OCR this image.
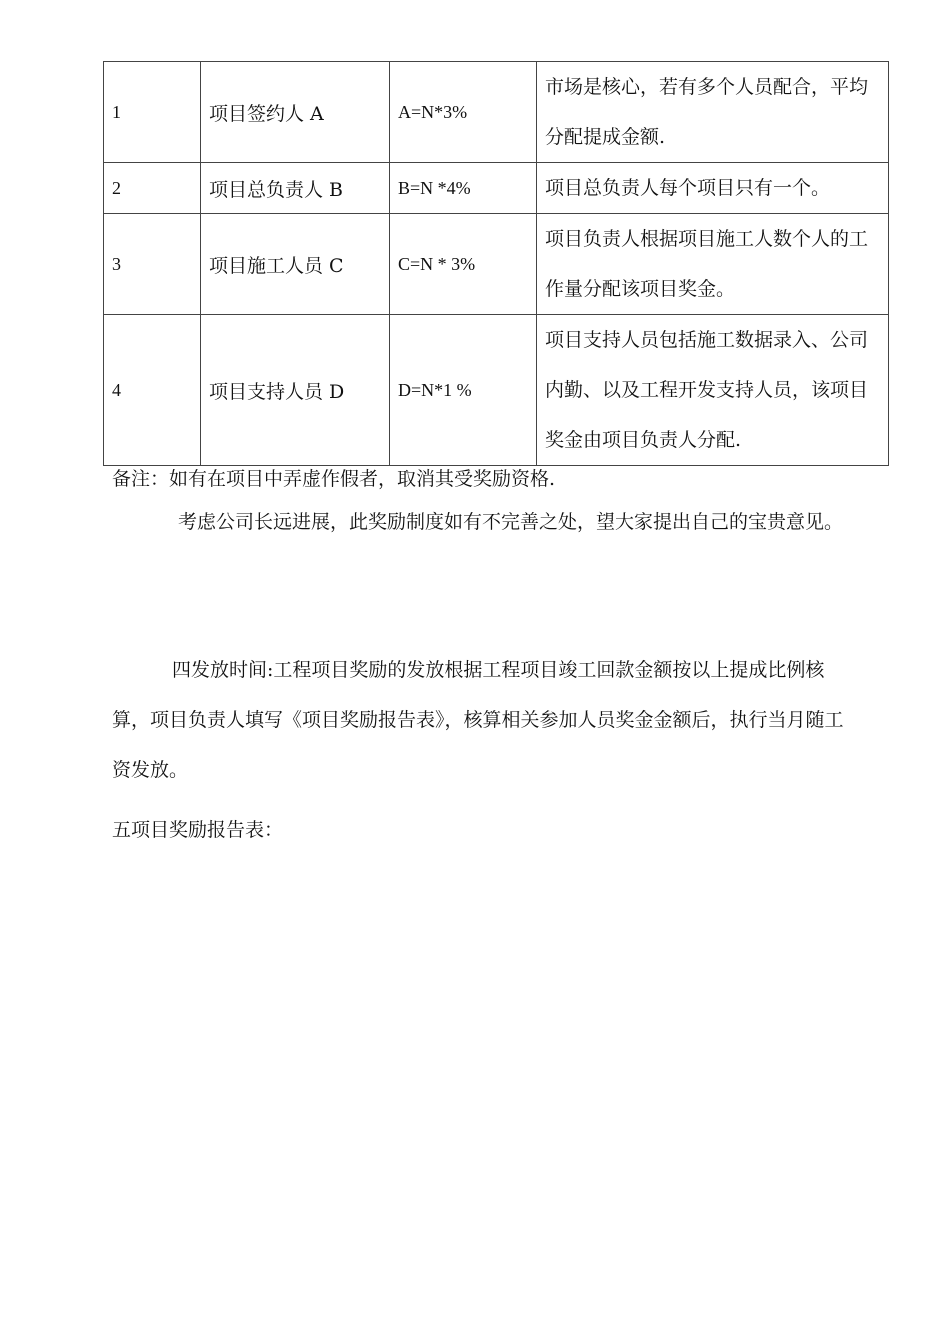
1	项目签约人 A	A=N*3%	市场是核心，若有多个人员配合，平均分配提成金额.
2	项目总负责人 B	B=N *4%	项目总负责人每个项目只有一个。
3	项目施工人员 C	C=N * 3%	项目负责人根据项目施工人数个人的工作量分配该项目奖金。
4	项目支持人员 D	D=N*1 %	项目支持人员包括施工数据录入、公司内勤、以及工程开发支持人员，该项目奖金由项目负责人分配.
备注：如有在项目中弄虚作假者，取消其受奖励资格.
考虑公司长远进展，此奖励制度如有不完善之处，望大家提出自己的宝贵意见。
四发放时间:工程项目奖励的发放根据工程项目竣工回款金额按以上提成比例核算，项目负责人填写《项目奖励报告表》，核算相关参加人员奖金金额后，执行当月随工资发放。
五项目奖励报告表：
